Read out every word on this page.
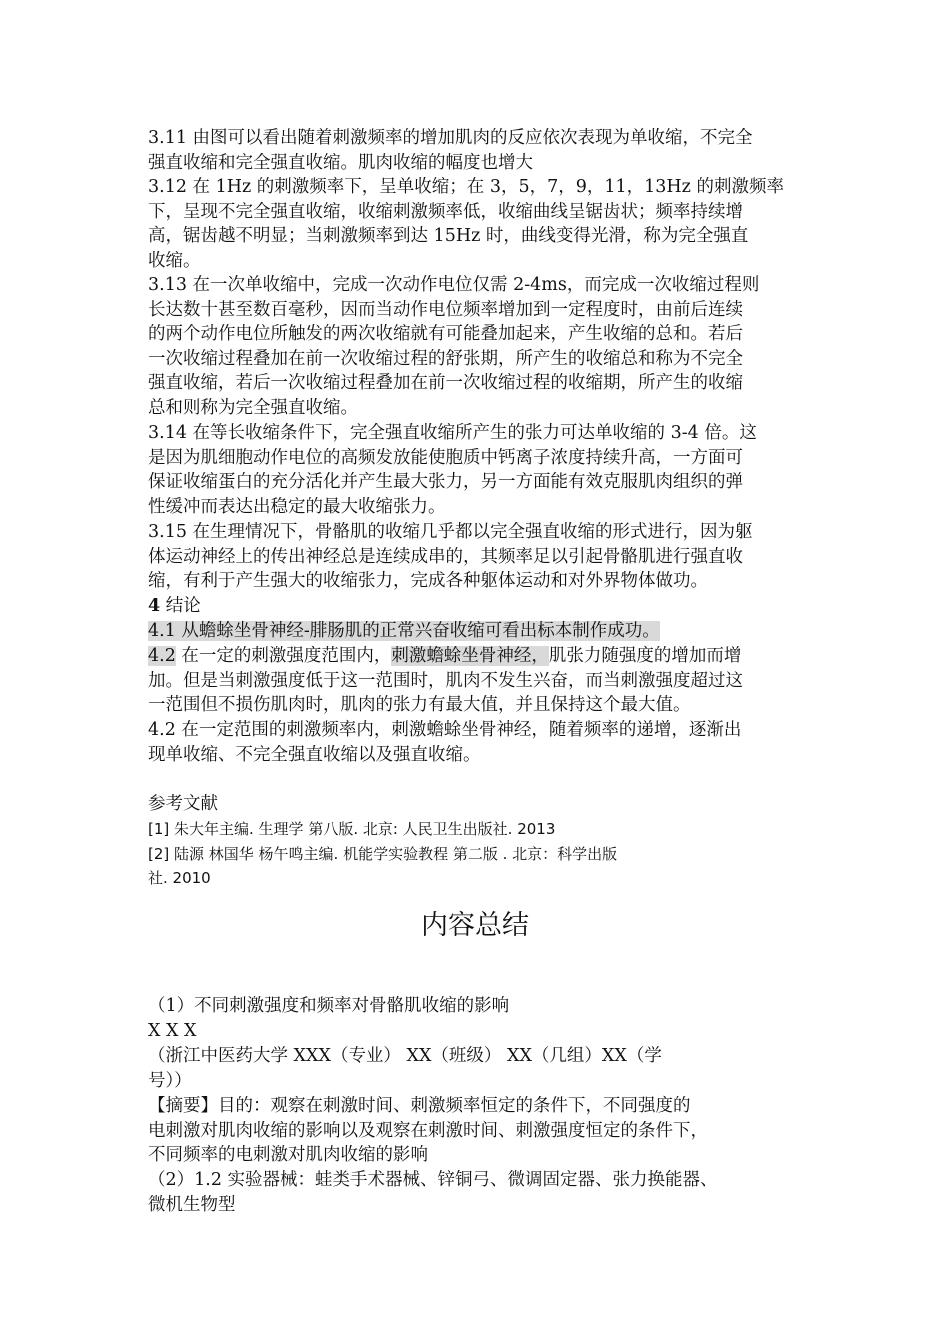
3.11 由图可以看出随着刺激频率的增加肌肉的反应依次表现为单收缩，不完全
强直收缩和完全强直收缩。肌肉收缩的幅度也增大
3.12 在 1Hz 的刺激频率下，呈单收缩；在 3，5，7，9，11，13Hz 的刺激频率
下，呈现不完全强直收缩，收缩刺激频率低，收缩曲线呈锯齿状；频率持续增
高，锯齿越不明显；当刺激频率到达 15Hz 时，曲线变得光滑，称为完全强直
收缩。
3.13 在一次单收缩中，完成一次动作电位仅需 2-4ms，而完成一次收缩过程则
长达数十甚至数百毫秒，因而当动作电位频率增加到一定程度时，由前后连续
的两个动作电位所触发的两次收缩就有可能叠加起来，产生收缩的总和。若后
一次收缩过程叠加在前一次收缩过程的舒张期，所产生的收缩总和称为不完全
强直收缩，若后一次收缩过程叠加在前一次收缩过程的收缩期，所产生的收缩
总和则称为完全强直收缩。
3.14 在等长收缩条件下，完全强直收缩所产生的张力可达单收缩的 3-4 倍。这
是因为肌细胞动作电位的高频发放能使胞质中钙离子浓度持续升高，一方面可
保证收缩蛋白的充分活化并产生最大张力，另一方面能有效克服肌肉组织的弹
性缓冲而表达出稳定的最大收缩张力。
3.15 在生理情况下，骨骼肌的收缩几乎都以完全强直收缩的形式进行，因为躯
体运动神经上的传出神经总是连续成串的，其频率足以引起骨骼肌进行强直收
缩，有利于产生强大的收缩张力，完成各种躯体运动和对外界物体做功。
4 结论
4.1 从蟾蜍坐骨神经-腓肠肌的正常兴奋收缩可看出标本制作成功。
4.2 在一定的刺激强度范围内，刺激蟾蜍坐骨神经，肌张力随强度的增加而增
加。但是当刺激强度低于这一范围时，肌肉不发生兴奋，而当刺激强度超过这
一范围但不损伤肌肉时，肌肉的张力有最大值，并且保持这个最大值。
4.2 在一定范围的刺激频率内，刺激蟾蜍坐骨神经，随着频率的递增，逐渐出
现单收缩、不完全强直收缩以及强直收缩。
参考文献
[1] 朱大年主编. 生理学 第八版. 北京: 人民卫生出版社. 2013
[2] 陆源 林国华 杨午鸣主编. 机能学实验教程 第二版 . 北京：科学出版
社. 2010
内容总结
（1）不同刺激强度和频率对骨骼肌收缩的影响
X X X
（浙江中医药大学 XXX（专业） XX（班级） XX（几组）XX（学
号））
【摘要】目的：观察在刺激时间、刺激频率恒定的条件下，不同强度的
电刺激对肌肉收缩的影响以及观察在刺激时间、刺激强度恒定的条件下，
不同频率的电刺激对肌肉收缩的影响
（2）1.2 实验器械：蛙类手术器械、锌铜弓、微调固定器、张力换能器、
微机生物型
